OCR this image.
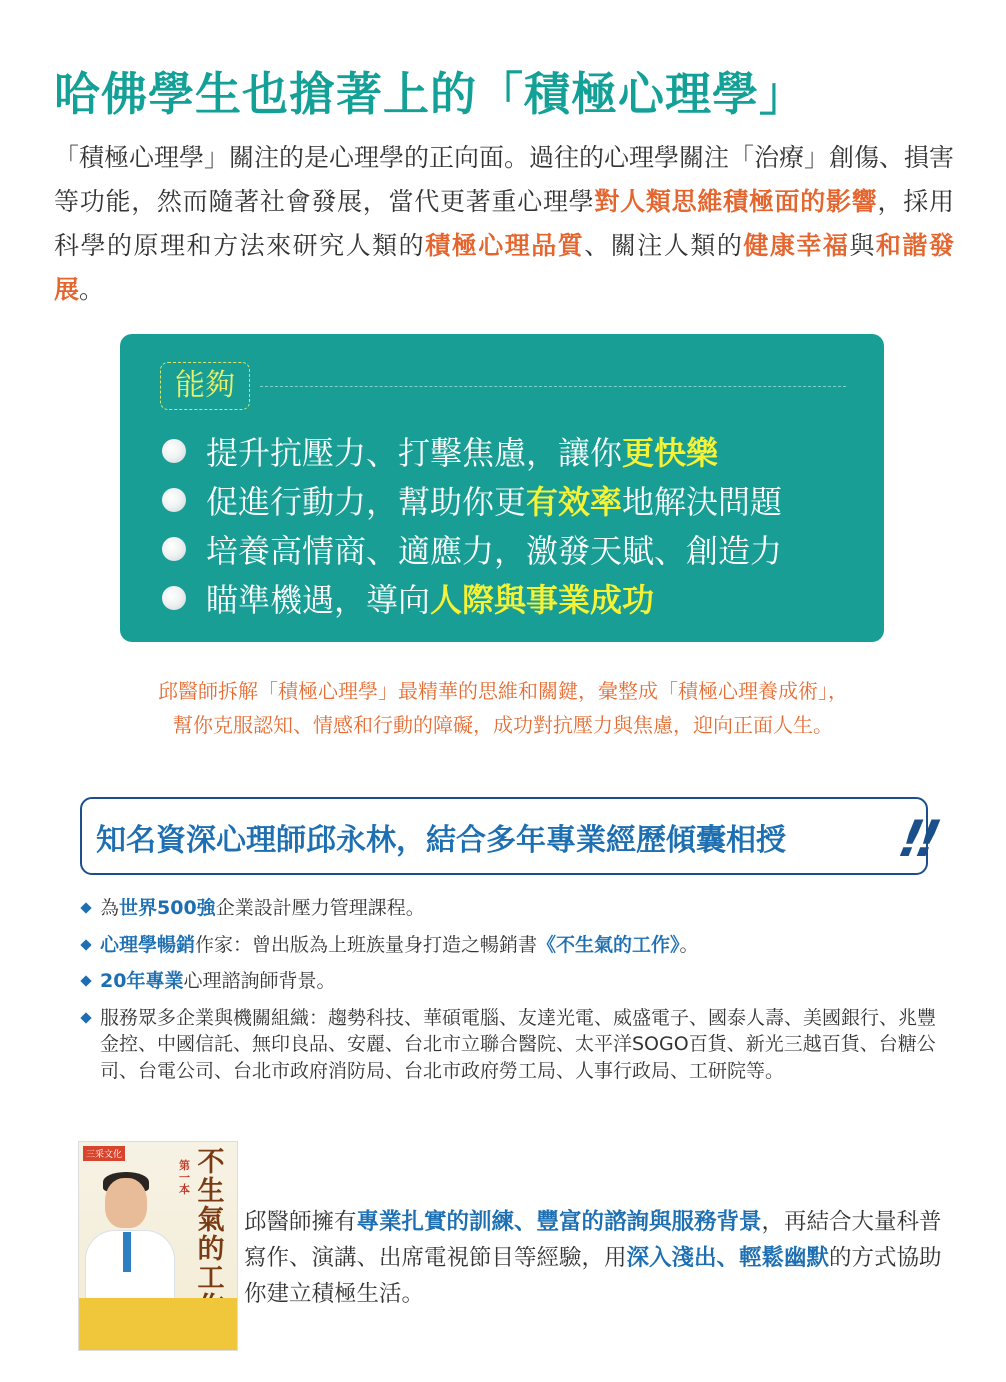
哈佛學生也搶著上的「積極心理學」
「積極心理學」關注的是心理學的正向面。過往的心理學關注「治療」創傷、損害等功能，然而隨著社會發展，當代更著重心理學對人類思維積極面的影響，採用科學的原理和方法來研究人類的積極心理品質、關注人類的健康幸福與和諧發展。
能夠
提升抗壓力、打擊焦慮，讓你 更快樂
促進行動力，幫助你更 有效率 地解決問題
培養高情商、適應力，激發天賦、創造力
瞄準機遇，導向 人際與事業成功
邱醫師拆解「積極心理學」最精華的思維和關鍵，彙整成「積極心理養成術」，
幫你克服認知、情感和行動的障礙，成功對抗壓力與焦慮，迎向正面人生。
知名資深心理師邱永林，結合多年專業經歷傾囊相授 !!
為世界500強企業設計壓力管理課程。
心理學暢銷作家：曾出版為上班族量身打造之暢銷書《不生氣的工作》。
20年專業心理諮詢師背景。
服務眾多企業與機關組織：趨勢科技、華碩電腦、友達光電、威盛電子、國泰人壽、美國銀行、兆豐金控、中國信託、無印良品、安麗、台北市立聯合醫院、太平洋SOGO百貨、新光三越百貨、台糖公司、台電公司、台北市政府消防局、台北市政府勞工局、人事行政局、工研院等。
三采文化
第一本
不生氣的工
邱醫師擁有專業扎實的訓練、豐富的諮詢與服務背景，再結合大量科普寫作、演講、出席電視節目等經驗，用深入淺出、輕鬆幽默的方式協助你建立積極生活。
